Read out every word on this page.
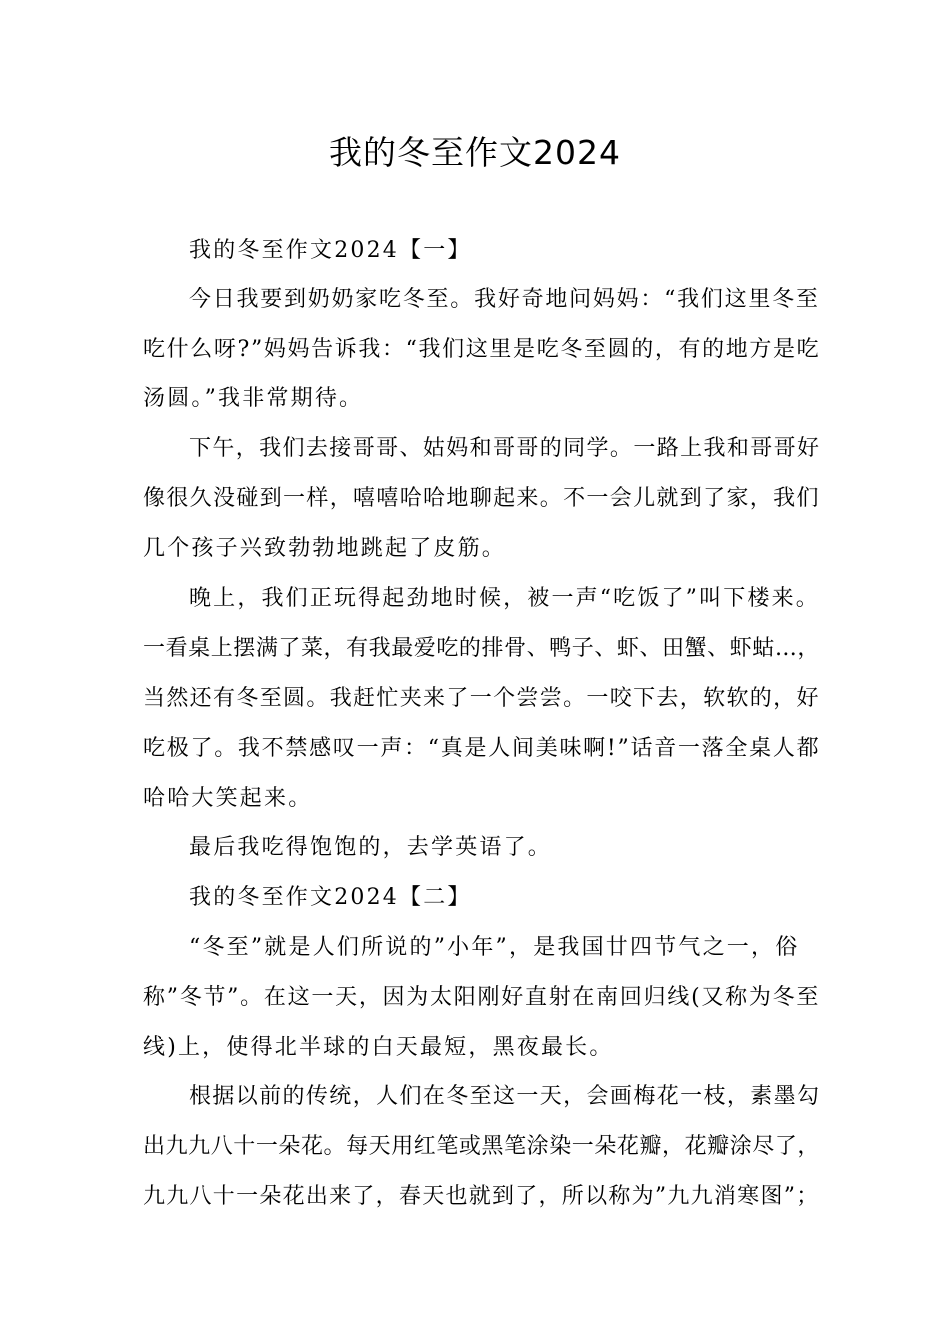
我的冬至作文2024
我的冬至作文2024【一】
今日我要到奶奶家吃冬至。我好奇地问妈妈：“我们这里冬至
吃什么呀?”妈妈告诉我：“我们这里是吃冬至圆的，有的地方是吃
汤圆。”我非常期待。
下午，我们去接哥哥、姑妈和哥哥的同学。一路上我和哥哥好
像很久没碰到一样，嘻嘻哈哈地聊起来。不一会儿就到了家，我们
几个孩子兴致勃勃地跳起了皮筋。
晚上，我们正玩得起劲地时候，被一声“吃饭了”叫下楼来。
一看桌上摆满了菜，有我最爱吃的排骨、鸭子、虾、田蟹、虾蛄…，
当然还有冬至圆。我赶忙夹来了一个尝尝。一咬下去，软软的，好
吃极了。我不禁感叹一声：“真是人间美味啊!”话音一落全桌人都
哈哈大笑起来。
最后我吃得饱饱的，去学英语了。
我的冬至作文2024【二】
“冬至”就是人们所说的”小年”，是我国廿四节气之一，俗
称”冬节”。在这一天，因为太阳刚好直射在南回归线(又称为冬至
线)上，使得北半球的白天最短，黑夜最长。
根据以前的传统，人们在冬至这一天，会画梅花一枝，素墨勾
出九九八十一朵花。每天用红笔或黑笔涂染一朵花瓣，花瓣涂尽了，
九九八十一朵花出来了，春天也就到了，所以称为”九九消寒图”；
